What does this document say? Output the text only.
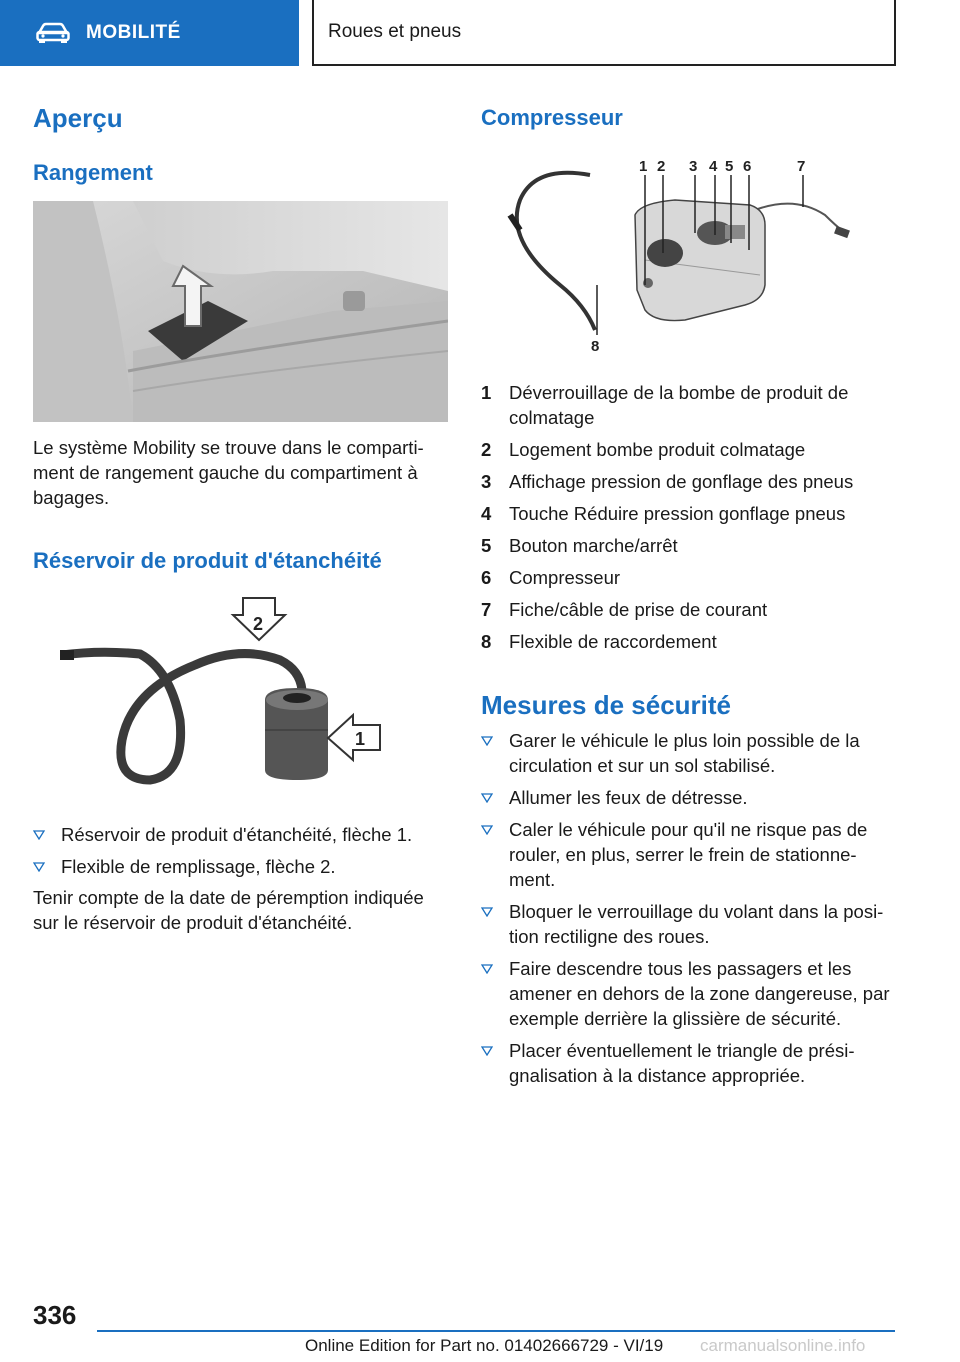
MOBILITÉ	Roues et pneus
Aperçu
Rangement
Le système Mobility se trouve dans le comparti‐ment de rangement gauche du compartiment à bagages.
Réservoir de produit d'étanchéité
2
1
Réservoir de produit d'étanchéité, flèche 1.
Flexible de remplissage, flèche 2.
Tenir compte de la date de péremption indiquée sur le réservoir de produit d'étanchéité.
Compresseur
1 2 3 4 5 6	7
8
1 Déverrouillage de la bombe de produit de colmatage
2 Logement bombe produit colmatage
3 Affichage pression de gonflage des pneus
4 Touche Réduire pression gonflage pneus
5 Bouton marche/arrêt
6 Compresseur
7 Fiche/câble de prise de courant
8 Flexible de raccordement
Mesures de sécurité
Garer le véhicule le plus loin possible de la circulation et sur un sol stabilisé.
Allumer les feux de détresse.
Caler le véhicule pour qu'il ne risque pas de rouler, en plus, serrer le frein de stationne‐ment.
Bloquer le verrouillage du volant dans la posi‐tion rectiligne des roues.
Faire descendre tous les passagers et les amener en dehors de la zone dangereuse, par exemple derrière la glissière de sécurité.
Placer éventuellement le triangle de prési‐gnalisation à la distance appropriée.
336
Online Edition for Part no. 01402666729 - VI/19 carmanualsonline.info
